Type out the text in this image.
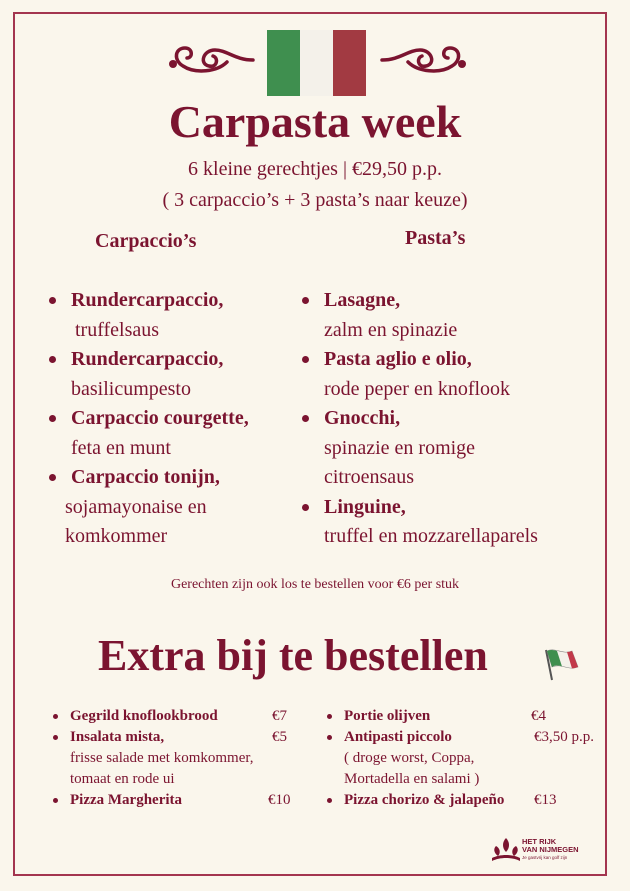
Carpasta week
6 kleine gerechtjes | €29,50 p.p.
( 3 carpaccio’s + 3 pasta’s naar keuze)
Carpaccio’s	Pasta’s
Rundercarpaccio,
truffelsaus
Rundercarpaccio,
basilicumpesto
Carpaccio courgette,
feta en munt
Carpaccio tonijn,
sojamayonaise en
komkommer
Lasagne,
zalm en spinazie
Pasta aglio e olio,
rode peper en knoflook
Gnocchi,
spinazie en romige
citroensaus
Linguine,
truffel en mozzarellaparels
Gerechten zijn ook los te bestellen voor €6 per stuk
Extra bij te bestellen
Gegrild knoflookbrood	€7
Insalata mista,	€5

frisse salade met komkommer,
tomaat en rode ui
Pizza Margherita	€10
Portie olijven	€4
Antipasti piccolo	€3,50 p.p.

( droge worst, Coppa,
Mortadella en salami )
Pizza chorizo & jalapeño €13
HET RIJK
VAN NIJMEGEN
Je gastvrij kan golf zijn
